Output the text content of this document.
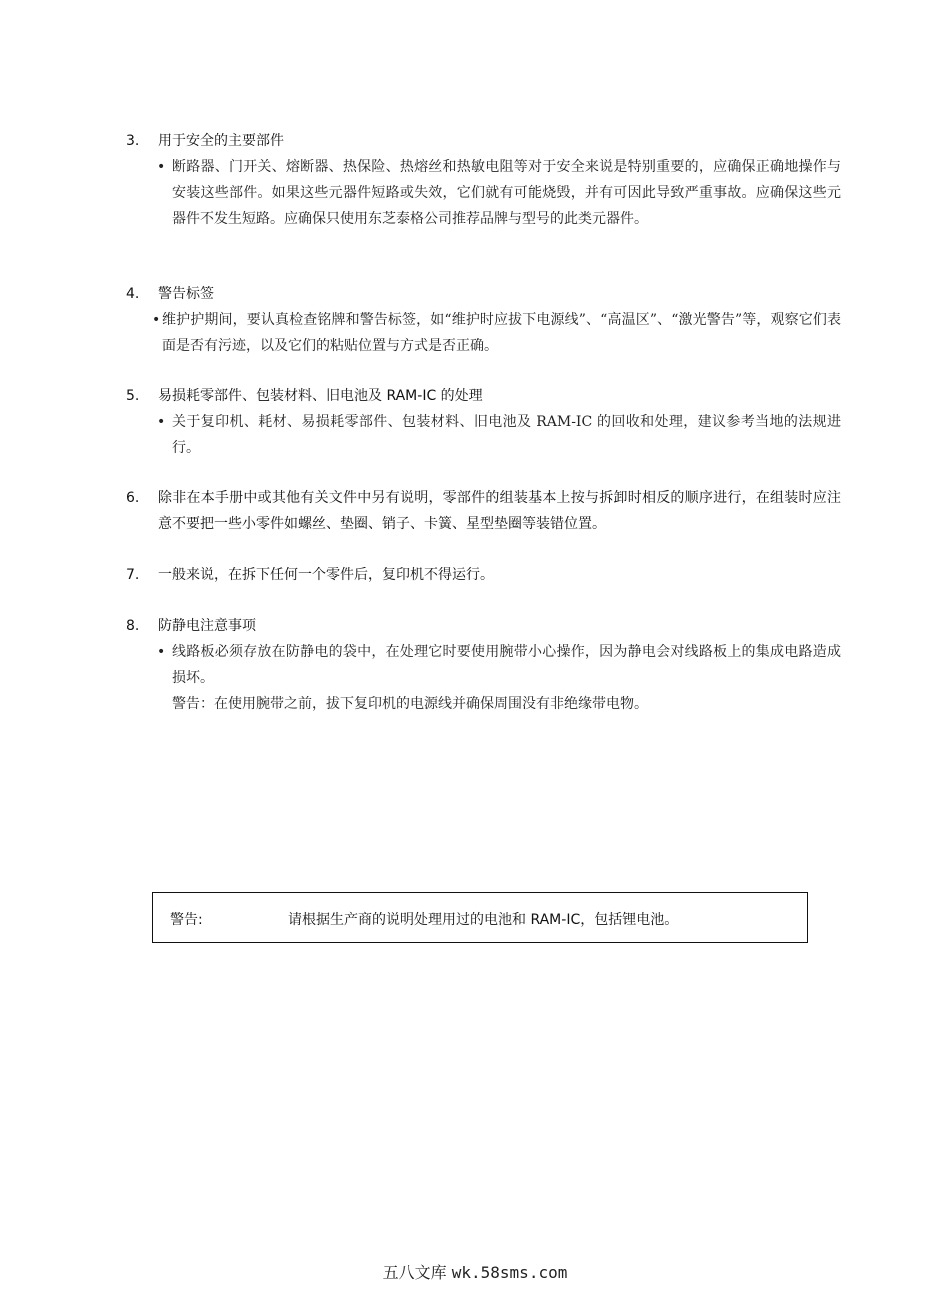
3. 用于安全的主要部件
• 断路器、门开关、熔断器、热保险、热熔丝和热敏电阻等对于安全来说是特别重要的，应确保正确地操作与安装这些部件。如果这些元器件短路或失效，它们就有可能烧毁，并有可因此导致严重事故。应确保这些元器件不发生短路。应确保只使用东芝泰格公司推荐品牌与型号的此类元器件。
4. 警告标签
• 维护护期间，要认真检查铭牌和警告标签，如“维护时应拔下电源线”、“高温区”、“激光警告”等，观察它们表面是否有污迹，以及它们的粘贴位置与方式是否正确。
5. 易损耗零部件、包装材料、旧电池及 RAM-IC 的处理
• 关于复印机、耗材、易损耗零部件、包装材料、旧电池及 RAM-IC 的回收和处理，建议参考当地的法规进行。
6. 除非在本手册中或其他有关文件中另有说明，零部件的组装基本上按与拆卸时相反的顺序进行，在组装时应注意不要把一些小零件如螺丝、垫圈、销子、卡簧、星型垫圈等装错位置。
7. 一般来说，在拆下任何一个零件后，复印机不得运行。
8. 防静电注意事项
• 线路板必须存放在防静电的袋中，在处理它时要使用腕带小心操作，因为静电会对线路板上的集成电路造成损坏。
警告：在使用腕带之前，拔下复印机的电源线并确保周围没有非绝缘带电物。
警告:	请根据生产商的说明处理用过的电池和 RAM-IC，包括锂电池。
五八文库 wk.58sms.com
